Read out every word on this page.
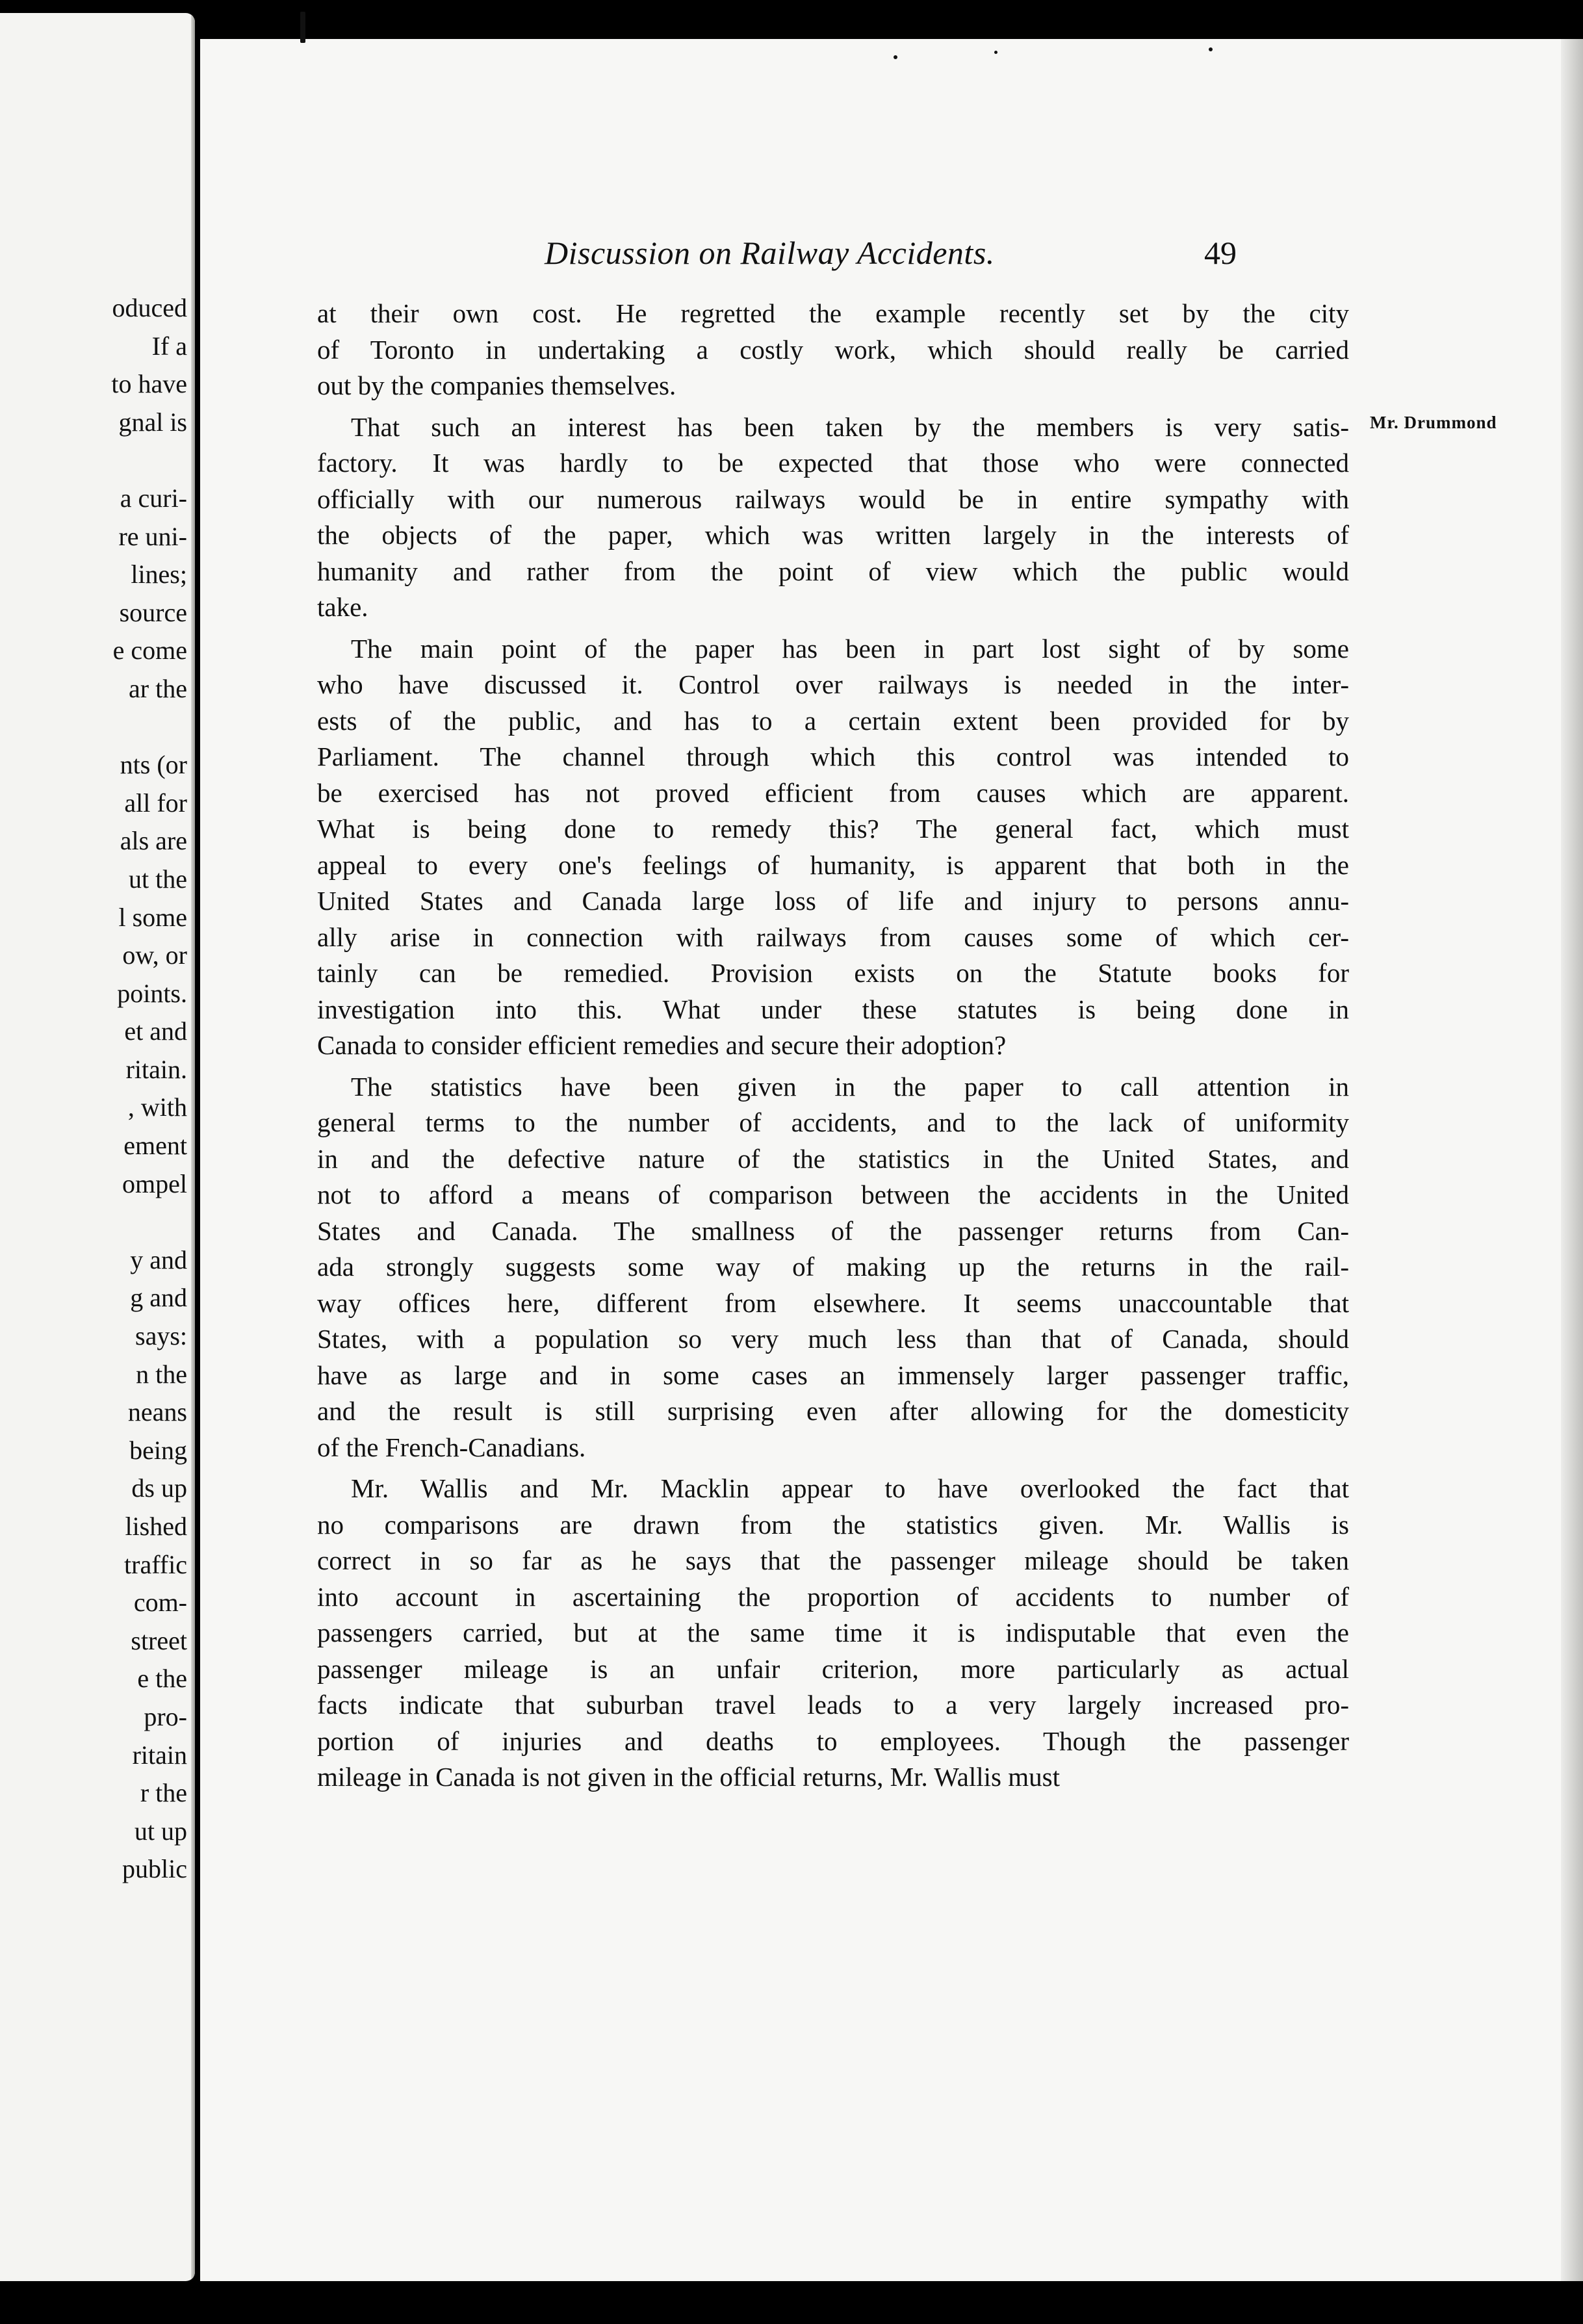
oduced
If a
to have
gnal is
a curi-
re uni-
lines;
source
e come
ar the
nts (or
all for
als are
ut the
l some
ow, or
points.
et and
ritain.
, with
ement
ompel
y and
g and
says:
n the
neans
being
ds up
lished
traffic
com-
street
e the
pro-
ritain
r the
ut up
public
Discussion on Railway Accidents.	49
Mr. Drummond

at their own cost. He regretted the example recently set by the city
of Toronto in undertaking a costly work, which should really be carried
out by the companies themselves.

That such an interest has been taken by the members is very satis-
factory. It was hardly to be expected that those who were connected
officially with our numerous railways would be in entire sympathy with
the objects of the paper, which was written largely in the interests of
humanity and rather from the point of view which the public would
take.

The main point of the paper has been in part lost sight of by some
who have discussed it. Control over railways is needed in the inter-
ests of the public, and has to a certain extent been provided for by
Parliament. The channel through which this control was intended to
be exercised has not proved efficient from causes which are apparent.
What is being done to remedy this? The general fact, which must
appeal to every one's feelings of humanity, is apparent that both in the
United States and Canada large loss of life and injury to persons annu-
ally arise in connection with railways from causes some of which cer-
tainly can be remedied. Provision exists on the Statute books for
investigation into this. What under these statutes is being done in
Canada to consider efficient remedies and secure their adoption?

The statistics have been given in the paper to call attention in
general terms to the number of accidents, and to the lack of uniformity
in and the defective nature of the statistics in the United States, and
not to afford a means of comparison between the accidents in the United
States and Canada. The smallness of the passenger returns from Can-
ada strongly suggests some way of making up the returns in the rail-
way offices here, different from elsewhere. It seems unaccountable that
States, with a population so very much less than that of Canada, should
have as large and in some cases an immensely larger passenger traffic,
and the result is still surprising even after allowing for the domesticity
of the French-Canadians.

Mr. Wallis and Mr. Macklin appear to have overlooked the fact that
no comparisons are drawn from the statistics given. Mr. Wallis is
correct in so far as he says that the passenger mileage should be taken
into account in ascertaining the proportion of accidents to number of
passengers carried, but at the same time it is indisputable that even the
passenger mileage is an unfair criterion, more particularly as actual
facts indicate that suburban travel leads to a very largely increased pro-
portion of injuries and deaths to employees. Though the passenger
mileage in Canada is not given in the official returns, Mr. Wallis must
